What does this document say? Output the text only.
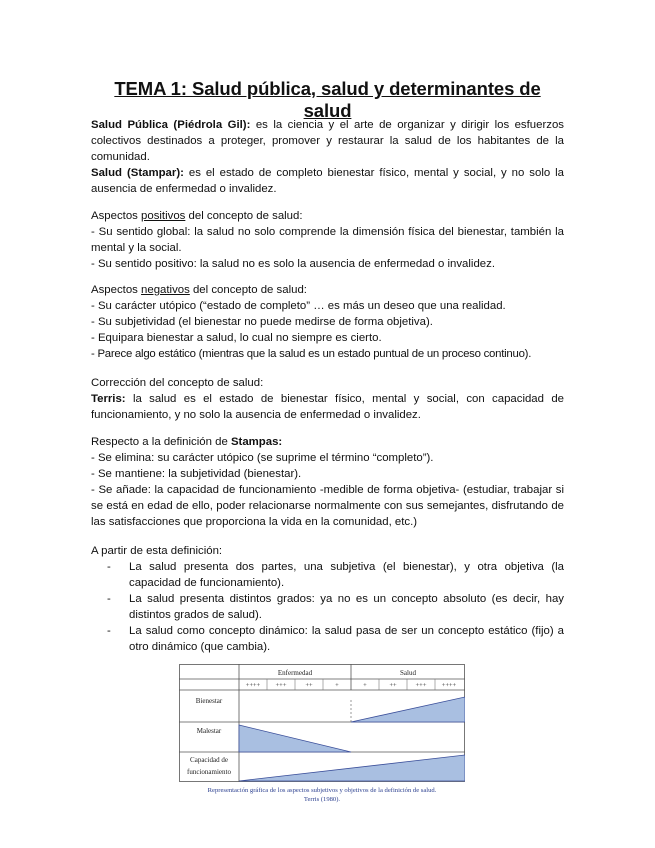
TEMA 1: Salud pública, salud y determinantes de salud
Salud Pública (Piédrola Gil): es la ciencia y el arte de organizar y dirigir los esfuerzos colectivos destinados a proteger, promover y restaurar la salud de los habitantes de la comunidad.
Salud (Stampar): es el estado de completo bienestar físico, mental y social, y no solo la ausencia de enfermedad o invalidez.
Aspectos positivos del concepto de salud:
- Su sentido global: la salud no solo comprende la dimensión física del bienestar, también la mental y la social.
- Su sentido positivo: la salud no es solo la ausencia de enfermedad o invalidez.
Aspectos negativos del concepto de salud:
- Su carácter utópico (“estado de completo” … es más un deseo que una realidad.
- Su subjetividad (el bienestar no puede medirse de forma objetiva).
- Equipara bienestar a salud, lo cual no siempre es cierto.
- Parece algo estático (mientras que la salud es un estado puntual de un proceso continuo).
Corrección del concepto de salud:
Terris: la salud es el estado de bienestar físico, mental y social, con capacidad de funcionamiento, y no solo la ausencia de enfermedad o invalidez.
Respecto a la definición de Stampas:
- Se elimina: su carácter utópico (se suprime el término “completo”).
- Se mantiene: la subjetividad (bienestar).
- Se añade: la capacidad de funcionamiento -medible de forma objetiva- (estudiar, trabajar si se está en edad de ello, poder relacionarse normalmente con sus semejantes, disfrutando de las satisfacciones que proporciona la vida en la comunidad, etc.)
A partir de esta definición:
- La salud presenta dos partes, una subjetiva (el bienestar), y otra objetiva (la capacidad de funcionamiento).
- La salud presenta distintos grados: ya no es un concepto absoluto (es decir, hay distintos grados de salud).
- La salud como concepto dinámico: la salud pasa de ser un concepto estático (fijo) a otro dinámico (que cambia).
Enfermedad	Salud
++++ +++	++	+	+	++	+++ ++++
Bienestar
Malestar
Capacidad de
funcionamiento
Representación gráfica de los aspectos subjetivos y objetivos de la definición de salud.
Terris (1980).
